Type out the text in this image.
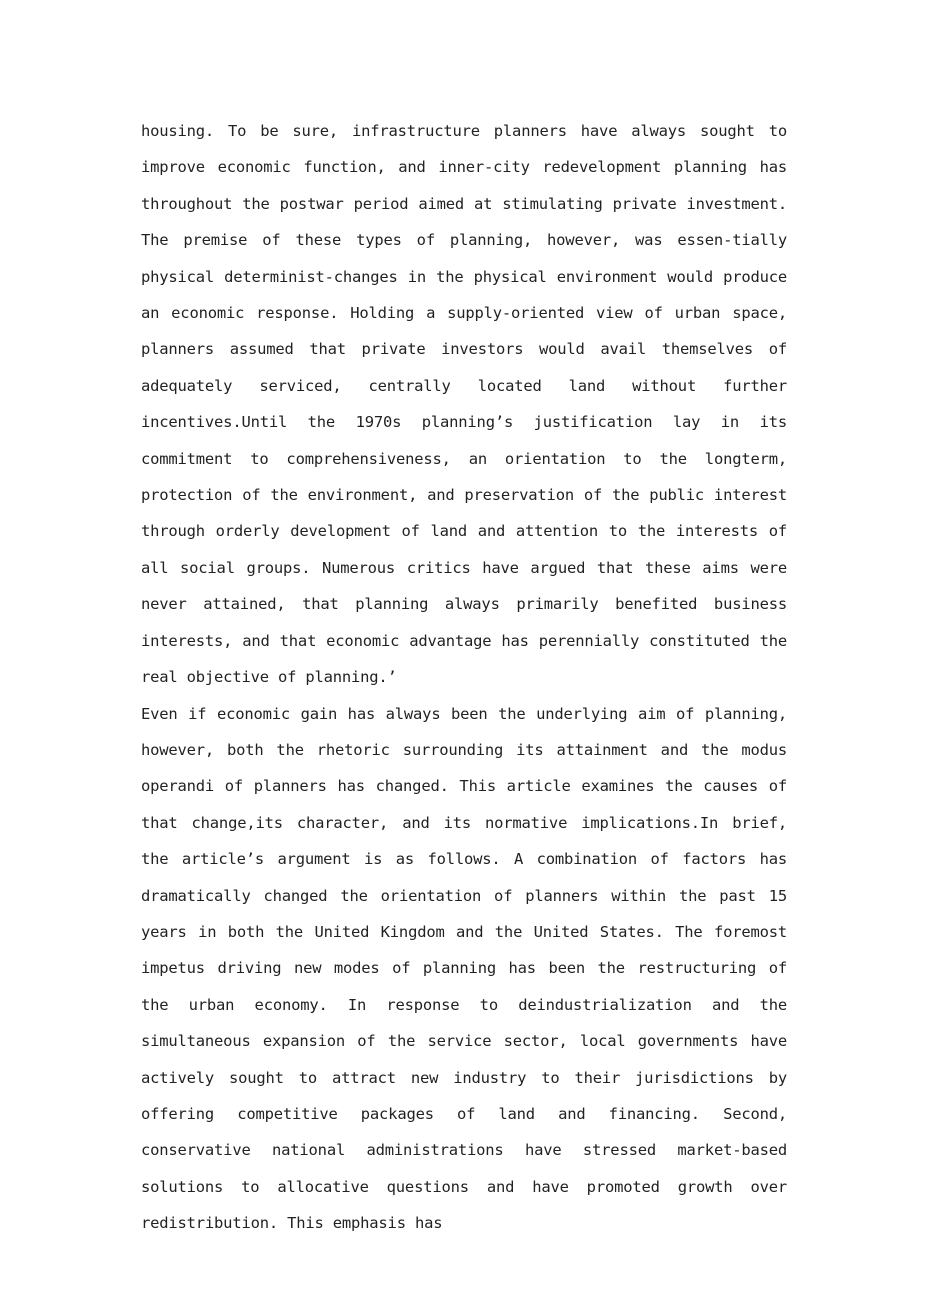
housing. To be sure, infrastructure planners have always sought to improve economic function, and inner-city redevelopment planning has throughout the postwar period aimed at stimulating private investment. The premise of these types of planning, however, was essen-tially physical determinist-changes in the physical environment would produce an economic response. Holding a supply-oriented view of urban space, planners assumed that private investors would avail themselves of adequately serviced, centrally located land without further incentives.Until the 1970s planning’s justification lay in its commitment to comprehensiveness, an orientation to the longterm, protection of the environment, and preservation of the public interest through orderly development of land and attention to the interests of all social groups. Numerous critics have argued that these aims were never attained, that planning always primarily benefited business interests, and that economic advantage has perennially constituted the real objective of planning.’

Even if economic gain has always been the underlying aim of planning, however, both the rhetoric surrounding its attainment and the modus operandi of planners has changed. This article examines the causes of that change,its character, and its normative implications.In brief, the article’s argument is as follows. A combination of factors has dramatically changed the orientation of planners within the past 15 years in both the United Kingdom and the United States. The foremost impetus driving new modes of planning has been the restructuring of the urban economy. In response to deindustrialization and the simultaneous expansion of the service sector, local governments have actively sought to attract new industry to their jurisdictions by offering competitive packages of land and financing. Second, conservative national administrations have stressed market-based solutions to allocative questions and have promoted growth over redistribution. This emphasis has
